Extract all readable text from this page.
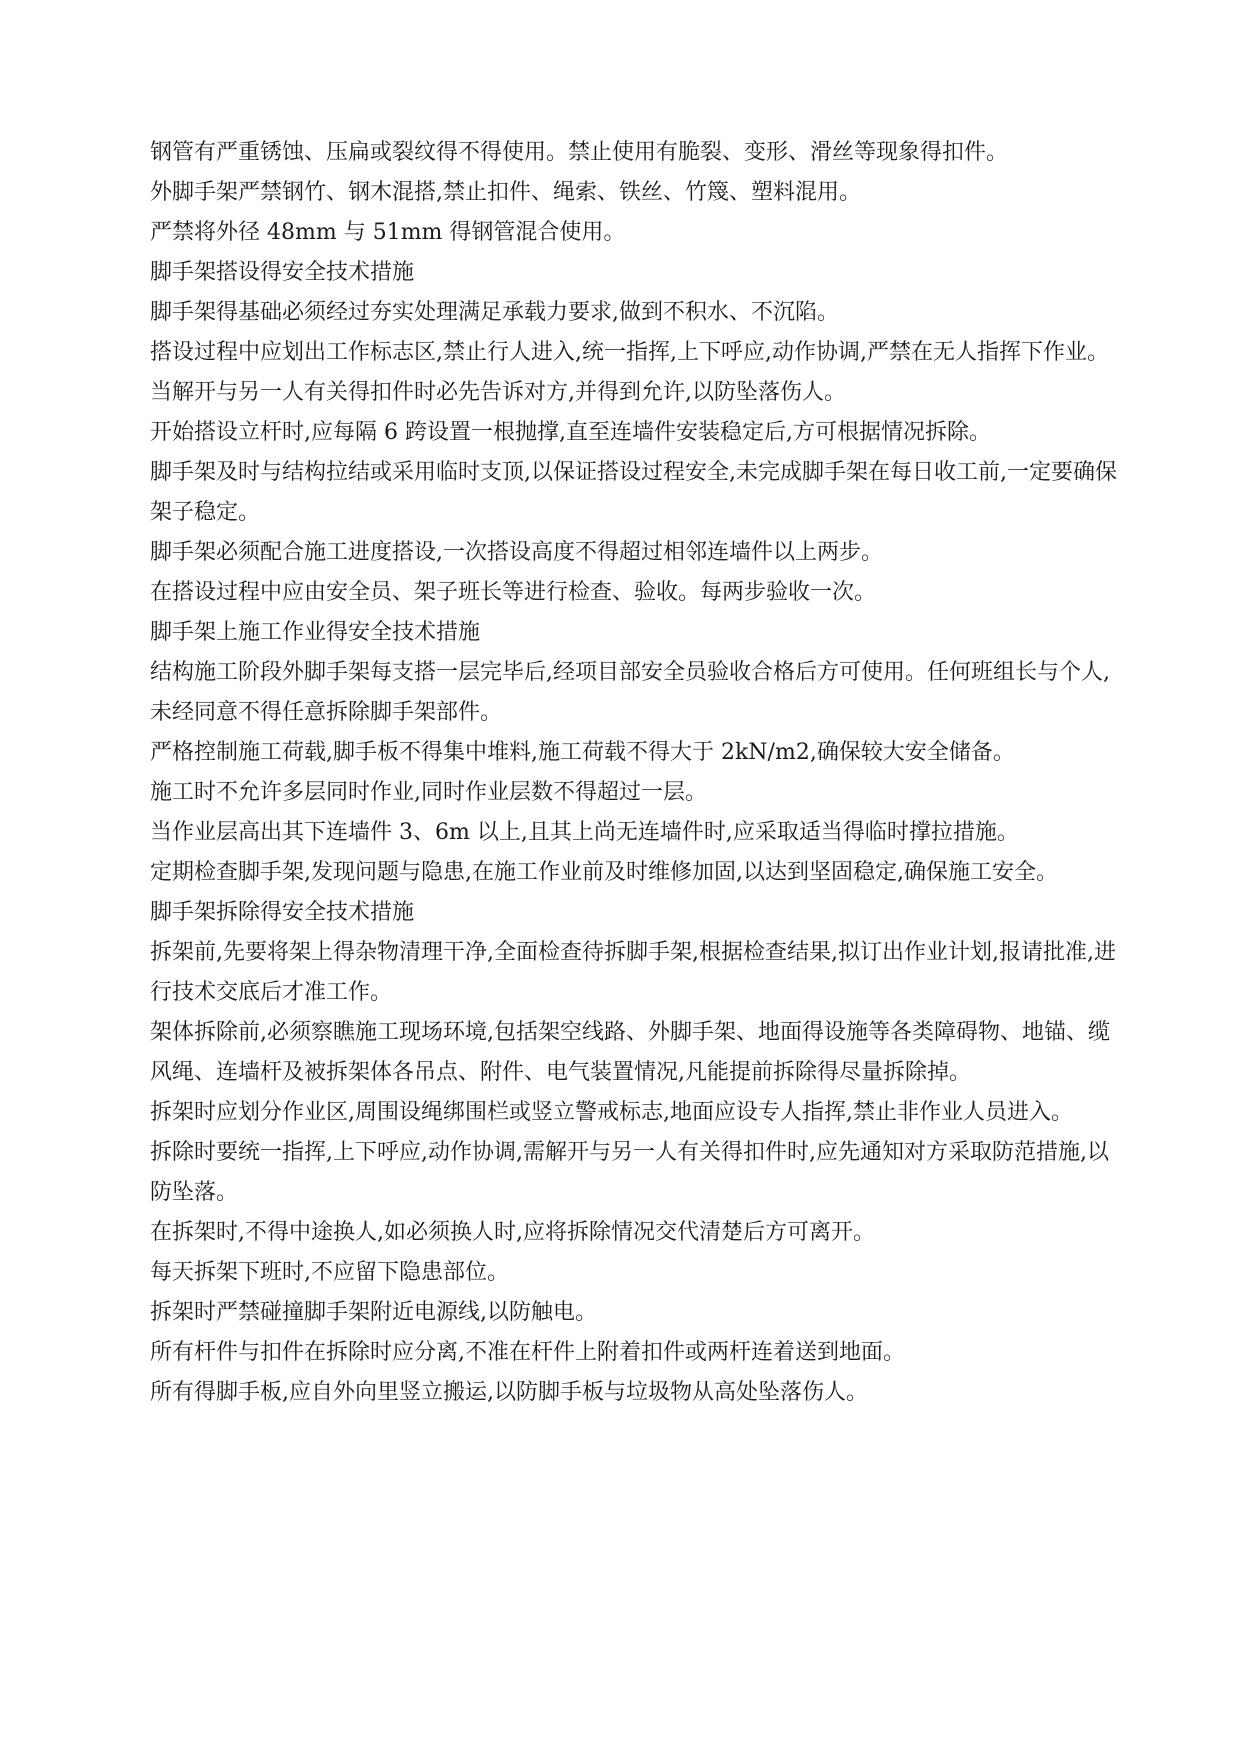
钢管有严重锈蚀、压扁或裂纹得不得使用。禁止使用有脆裂、变形、滑丝等现象得扣件。

外脚手架严禁钢竹、钢木混搭,禁止扣件、绳索、铁丝、竹篾、塑料混用。

严禁将外径 48mm 与 51mm 得钢管混合使用。

脚手架搭设得安全技术措施

脚手架得基础必须经过夯实处理满足承载力要求,做到不积水、不沉陷。

搭设过程中应划出工作标志区,禁止行人进入,统一指挥,上下呼应,动作协调,严禁在无人指挥下作业。当解开与另一人有关得扣件时必先告诉对方,并得到允许,以防坠落伤人。

开始搭设立杆时,应每隔 6 跨设置一根抛撑,直至连墙件安装稳定后,方可根据情况拆除。

脚手架及时与结构拉结或采用临时支顶,以保证搭设过程安全,未完成脚手架在每日收工前,一定要确保架子稳定。

脚手架必须配合施工进度搭设,一次搭设高度不得超过相邻连墙件以上两步。

在搭设过程中应由安全员、架子班长等进行检查、验收。每两步验收一次。

脚手架上施工作业得安全技术措施

结构施工阶段外脚手架每支搭一层完毕后,经项目部安全员验收合格后方可使用。任何班组长与个人,未经同意不得任意拆除脚手架部件。

严格控制施工荷载,脚手板不得集中堆料,施工荷载不得大于 2kN/m2,确保较大安全储备。

施工时不允许多层同时作业,同时作业层数不得超过一层。

当作业层高出其下连墙件 3、6m 以上,且其上尚无连墙件时,应采取适当得临时撑拉措施。

定期检查脚手架,发现问题与隐患,在施工作业前及时维修加固,以达到坚固稳定,确保施工安全。

脚手架拆除得安全技术措施

拆架前,先要将架上得杂物清理干净,全面检查待拆脚手架,根据检查结果,拟订出作业计划,报请批准,进行技术交底后才准工作。

架体拆除前,必须察瞧施工现场环境,包括架空线路、外脚手架、地面得设施等各类障碍物、地锚、缆风绳、连墙杆及被拆架体各吊点、附件、电气装置情况,凡能提前拆除得尽量拆除掉。

拆架时应划分作业区,周围设绳绑围栏或竖立警戒标志,地面应设专人指挥,禁止非作业人员进入。

拆除时要统一指挥,上下呼应,动作协调,需解开与另一人有关得扣件时,应先通知对方采取防范措施,以防坠落。

在拆架时,不得中途换人,如必须换人时,应将拆除情况交代清楚后方可离开。

每天拆架下班时,不应留下隐患部位。

拆架时严禁碰撞脚手架附近电源线,以防触电。

所有杆件与扣件在拆除时应分离,不准在杆件上附着扣件或两杆连着送到地面。

所有得脚手板,应自外向里竖立搬运,以防脚手板与垃圾物从高处坠落伤人。
